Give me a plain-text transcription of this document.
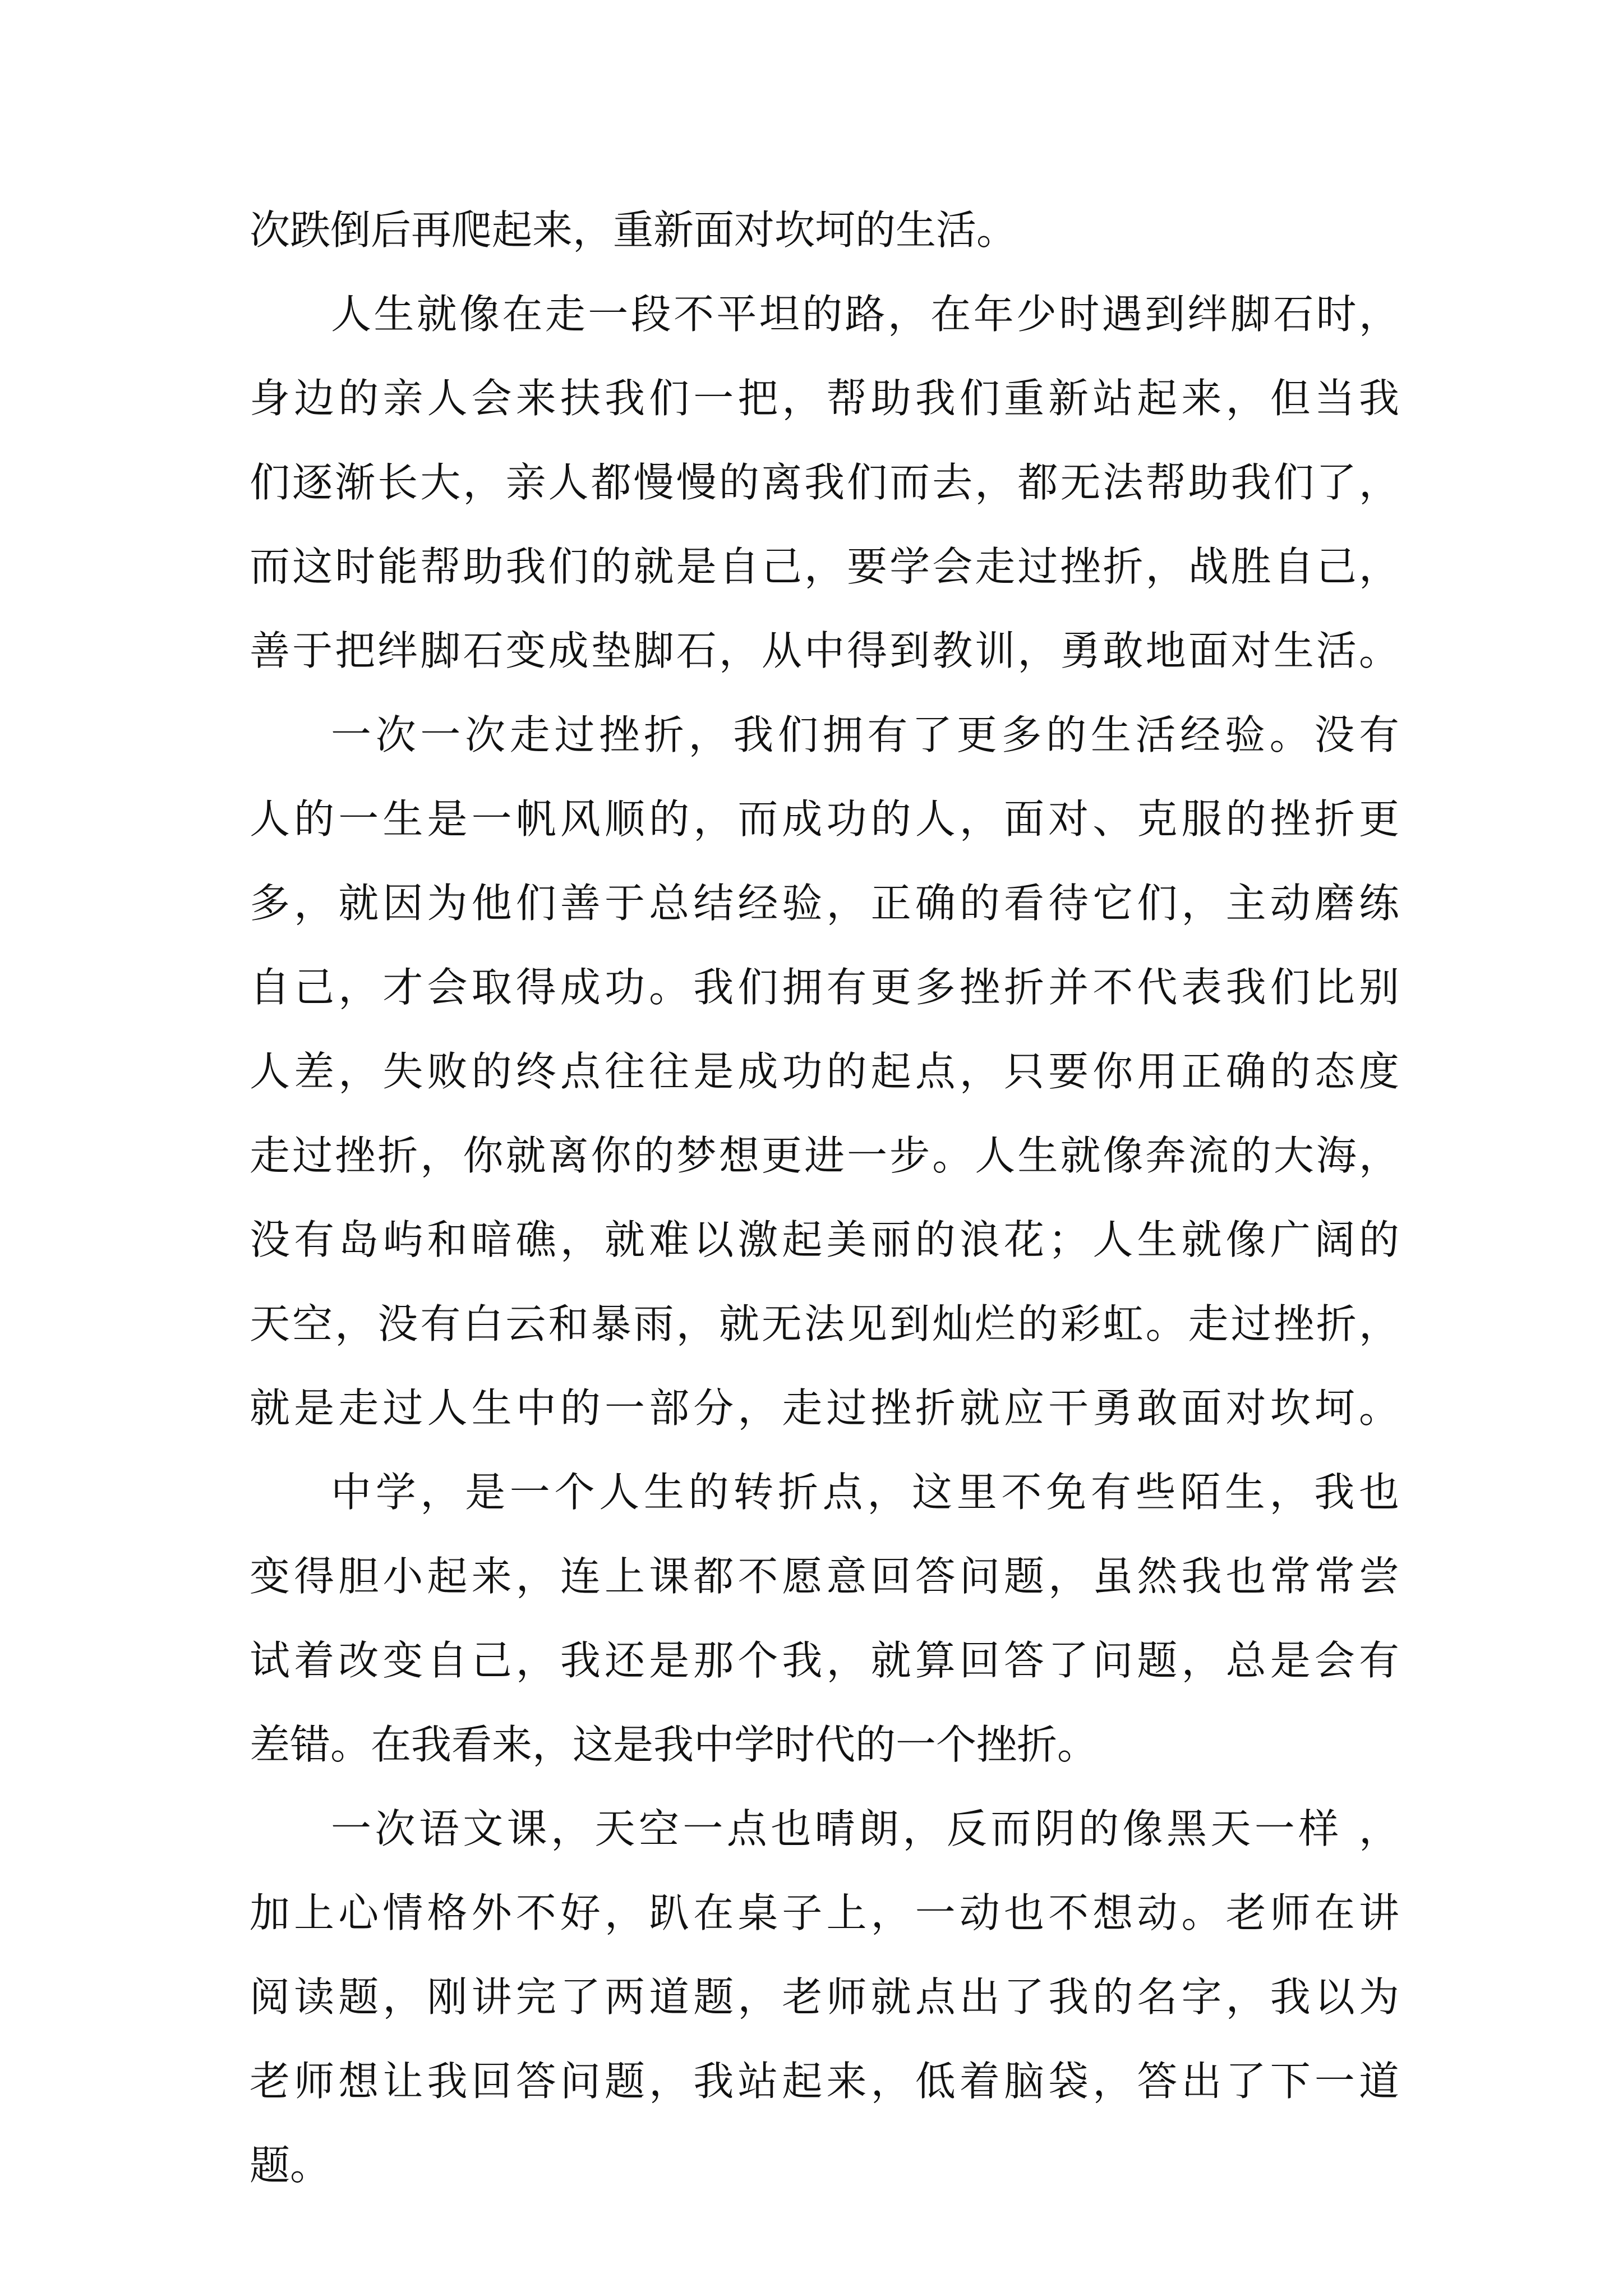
次跌倒后再爬起来，重新面对坎坷的生活。
人生就像在走一段不平坦的路，在年少时遇到绊脚石时，
身边的亲人会来扶我们一把，帮助我们重新站起来，但当我
们逐渐长大，亲人都慢慢的离我们而去，都无法帮助我们了，
而这时能帮助我们的就是自己，要学会走过挫折，战胜自己，
善于把绊脚石变成垫脚石，从中得到教训，勇敢地面对生活。
一次一次走过挫折，我们拥有了更多的生活经验。没有
人的一生是一帆风顺的，而成功的人，面对、克服的挫折更
多，就因为他们善于总结经验，正确的看待它们，主动磨练
自己，才会取得成功。我们拥有更多挫折并不代表我们比别
人差，失败的终点往往是成功的起点，只要你用正确的态度
走过挫折，你就离你的梦想更进一步。人生就像奔流的大海，
没有岛屿和暗礁，就难以激起美丽的浪花；人生就像广阔的
天空，没有白云和暴雨，就无法见到灿烂的彩虹。走过挫折，
就是走过人生中的一部分，走过挫折就应干勇敢面对坎坷。
中学，是一个人生的转折点，这里不免有些陌生，我也
变得胆小起来，连上课都不愿意回答问题，虽然我也常常尝
试着改变自己，我还是那个我，就算回答了问题，总是会有
差错。在我看来，这是我中学时代的一个挫折。
一次语文课，天空一点也晴朗，反而阴的像黑天一样 ，
加上心情格外不好，趴在桌子上，一动也不想动。老师在讲
阅读题，刚讲完了两道题，老师就点出了我的名字，我以为
老师想让我回答问题，我站起来，低着脑袋，答出了下一道
题。
